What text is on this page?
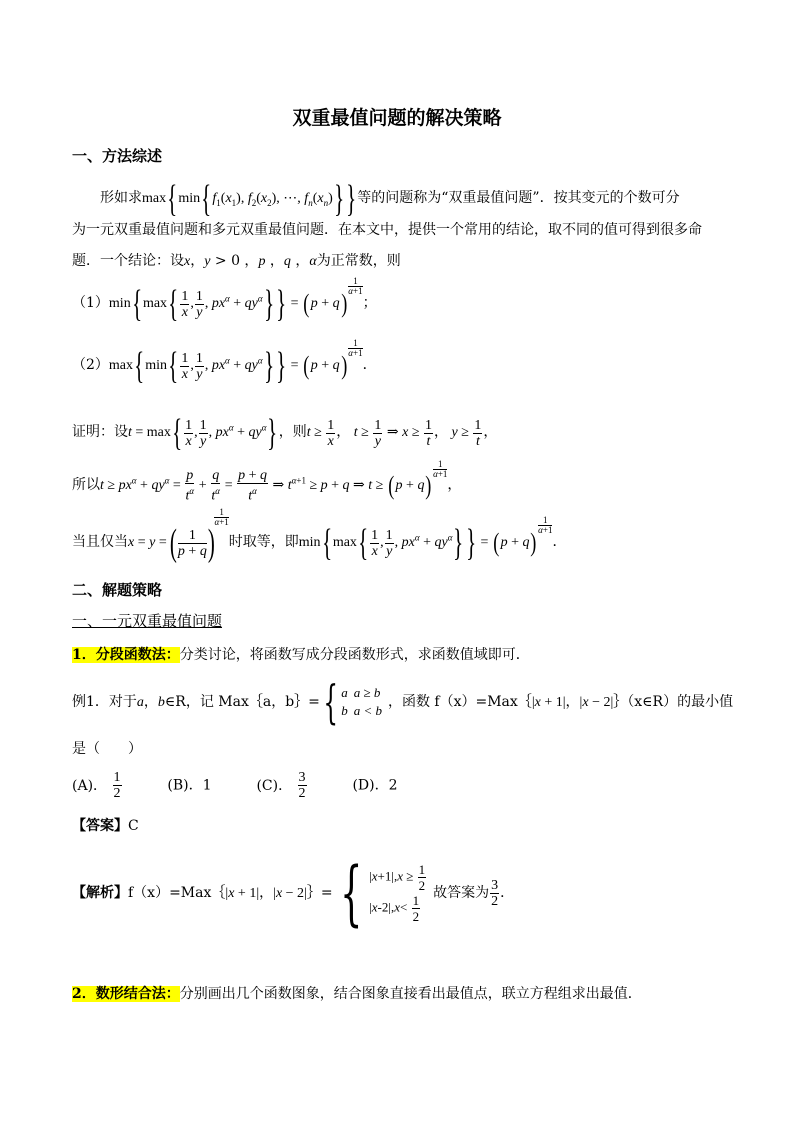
双重最值问题的解决策略
一、方法综述
形如求$\max\{\min\{f_1(x_1)$, $f_2(x_2)$, ⋯, $f_n(x_n)$}}等的问题称为“双重最值问题”．按其变元的个数可分
为一元双重最值问题和多元双重最值问题．在本文中，提供一个常用的结论，取不同的值可得到很多命
题．一个结论：设x，y > 0 ，p ，q ，α为正常数，则
$(1)\min\{\max\{ \frac{1}{x}$ , $\frac{1}{y}$ , $px^\alpha + qy^\alpha\}\} = (p + q)$
$\frac{1}{\alpha+1}$
；
$(2)\max\{\min\{ \frac{1}{x}$ , $\frac{1}{y}$ , $px^\alpha + qy^\alpha\}\} = (p + q)$
$\frac{1}{\alpha+1}$
．
证明：设$t = \max\{ \frac{1}{x}$ , $\frac{1}{y}$ , $px^\alpha + qy^\alpha$}，则$t \ge \frac{1}{x}$ ， $t \ge \frac{1}{y}$ ⇒ $x \ge \frac{1}{t}$ ， $y \ge \frac{1}{t}$ ，
所以$t \ge px^\alpha + qy^\alpha = \frac{p}{t^\alpha} + \frac{q}{t^\alpha} = \frac{p + q}{t^\alpha}$ ⇒ $t^{\alpha+1} \ge p + q$ ⇒ t ≥ (p + q)
$\frac{1}{\alpha+1}$
，
当且仅当x = y = ( $\frac{1}{p + q}$ )
$\frac{1}{\alpha+1}$
时取等，即$\min\{\max\{ \frac{1}{x}$ , $\frac{1}{y}$ , $px^\alpha + qy^\alpha\}\} = (p + q)$
$\frac{1}{\alpha+1}$
．
二、解题策略
一、一元双重最值问题
1．分段函数法：分类讨论，将函数写成分段函数形式，求函数值域即可．
例1．对于a，b∈R，记 Max｛a，b｝={ a	a ≥ b
b	a < b
，函数 f（x）=Max｛|x + 1|，|x − 2|｝（x∈R）的最小值
是（　　）
(A)． $\frac{1}{2}$	(B)．1	(C)． $\frac{3}{2}$	(D)．2
【答案】C
【解析】f（x）=Max｛|x + 1|，|x − 2|｝= { $|x+1|,x \ge \frac{1}{2}$

$|x-2|,x< \frac{1}{2}$ 故答案为 $\frac{3}{2}$ ．
2．数形结合法：分别画出几个函数图象，结合图象直接看出最值点，联立方程组求出最值．
